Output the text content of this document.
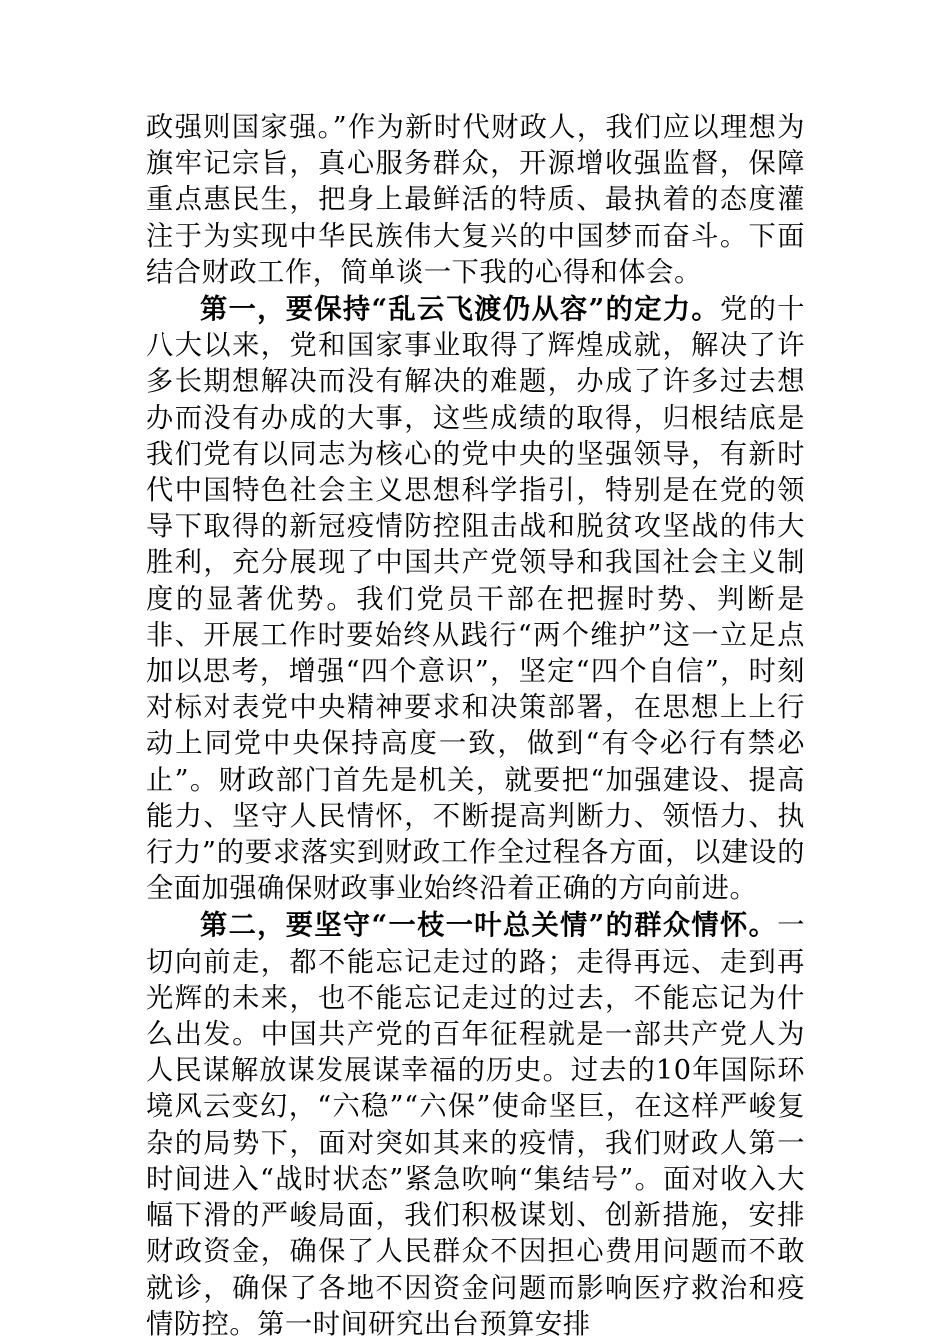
政强则国家强。”作为新时代财政人，我们应以理想为旗牢记宗旨，真心服务群众，开源增收强监督，保障重点惠民生，把身上最鲜活的特质、最执着的态度灌注于为实现中华民族伟大复兴的中国梦而奋斗。下面结合财政工作，简单谈一下我的心得和体会。

第一，要保持“乱云飞渡仍从容”的定力。党的十八大以来，党和国家事业取得了辉煌成就，解决了许多长期想解决而没有解决的难题，办成了许多过去想办而没有办成的大事，这些成绩的取得，归根结底是我们党有以同志为核心的党中央的坚强领导，有新时代中国特色社会主义思想科学指引，特别是在党的领导下取得的新冠疫情防控阻击战和脱贫攻坚战的伟大胜利，充分展现了中国共产党领导和我国社会主义制度的显著优势。我们党员干部在把握时势、判断是非、开展工作时要始终从践行“两个维护”这一立足点加以思考，增强“四个意识”，坚定“四个自信”，时刻对标对表党中央精神要求和决策部署，在思想上上行动上同党中央保持高度一致，做到“有令必行有禁必止”。财政部门首先是机关，就要把“加强建设、提高能力、坚守人民情怀，不断提高判断力、领悟力、执行力”的要求落实到财政工作全过程各方面，以建设的全面加强确保财政事业始终沿着正确的方向前进。

第二，要坚守“一枝一叶总关情”的群众情怀。一切向前走，都不能忘记走过的路；走得再远、走到再光辉的未来，也不能忘记走过的过去，不能忘记为什么出发。中国共产党的百年征程就是一部共产党人为人民谋解放谋发展谋幸福的历史。过去的10年国际环境风云变幻，“六稳”“六保”使命坚巨，在这样严峻复杂的局势下，面对突如其来的疫情，我们财政人第一时间进入“战时状态”紧急吹响“集结号”。面对收入大幅下滑的严峻局面，我们积极谋划、创新措施，安排财政资金，确保了人民群众不因担心费用问题而不敢就诊，确保了各地不因资金问题而影响医疗救治和疫情防控。第一时间研究出台预算安排
